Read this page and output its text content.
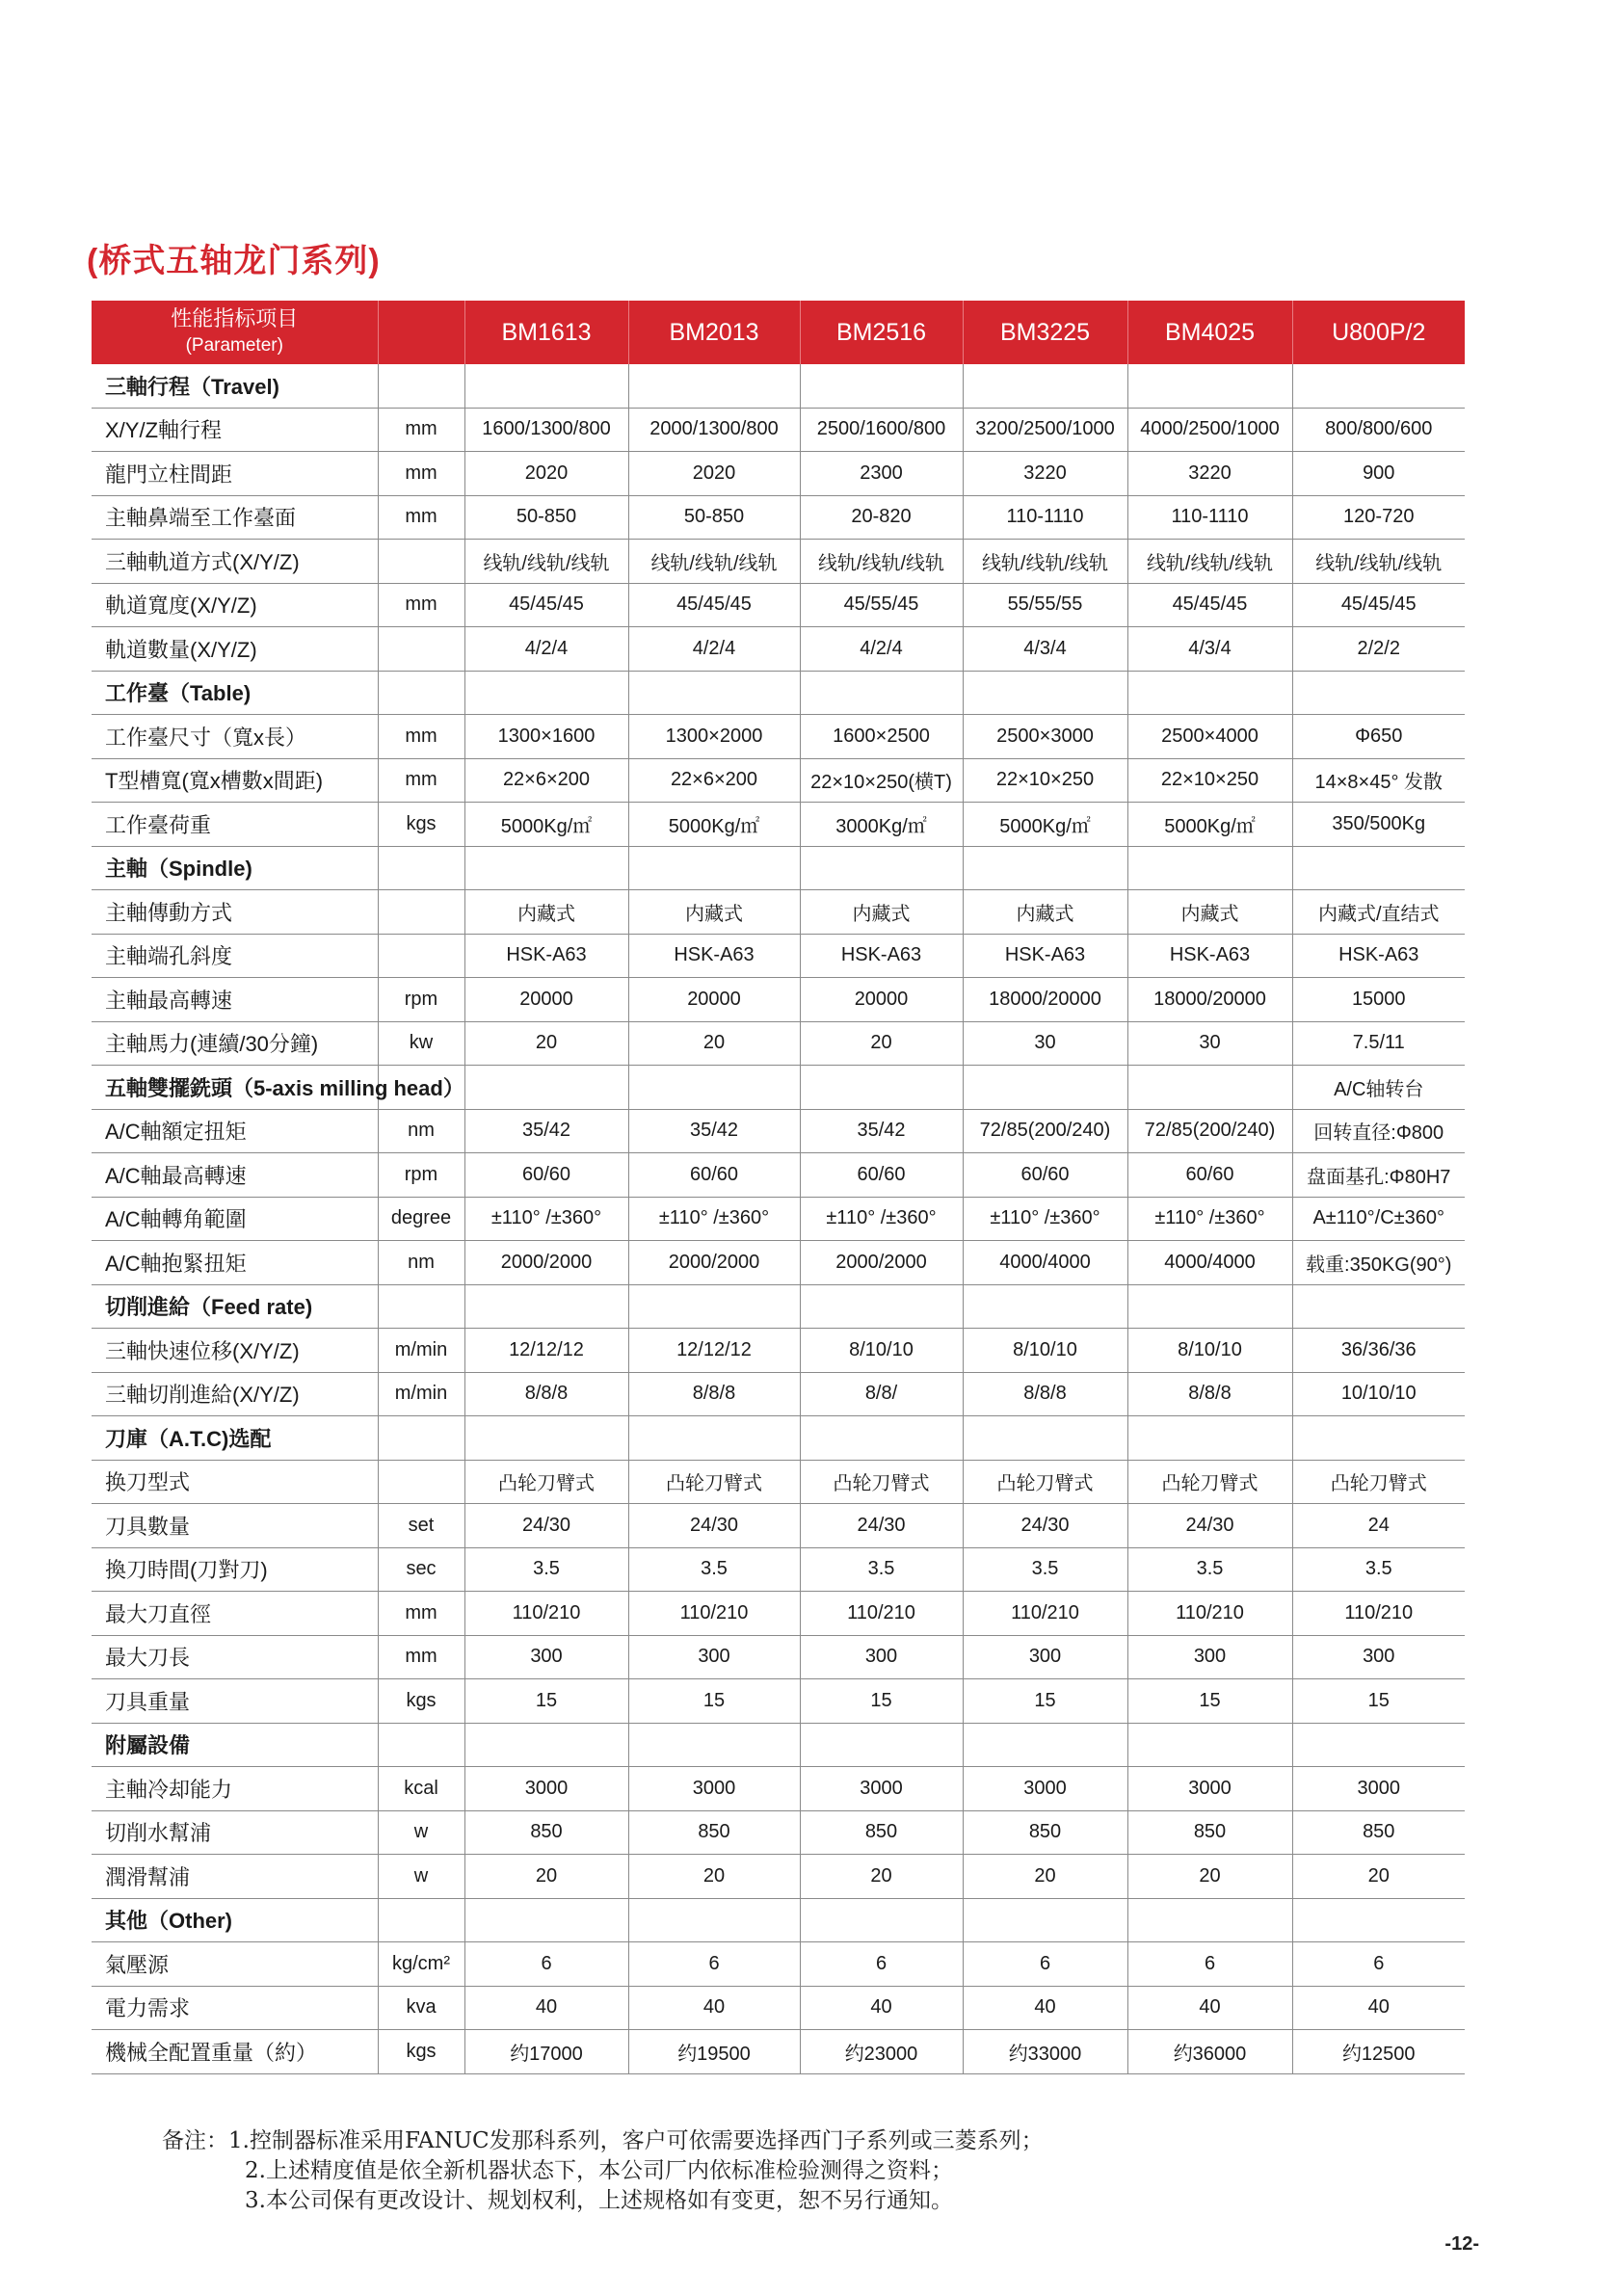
(桥式五轴龙门系列)
性能指标项目
(Parameter)		BM1613	BM2013	BM2516	BM3225	BM4025	U800P/2
三軸行程（Travel)							
X/Y/Z軸行程	mm	1600/1300/800	2000/1300/800	2500/1600/800	3200/2500/1000	4000/2500/1000	800/800/600
龍門立柱間距	mm	2020	2020	2300	3220	3220	900
主軸鼻端至工作臺面	mm	50-850	50-850	20-820	110-1110	110-1110	120-720
三軸軌道方式(X/Y/Z)		线轨/线轨/线轨	线轨/线轨/线轨	线轨/线轨/线轨	线轨/线轨/线轨	线轨/线轨/线轨	线轨/线轨/线轨
軌道寬度(X/Y/Z)	mm	45/45/45	45/45/45	45/55/45	55/55/55	45/45/45	45/45/45
軌道數量(X/Y/Z)		4/2/4	4/2/4	4/2/4	4/3/4	4/3/4	2/2/2
工作臺（Table)							
工作臺尺寸（寬x長）	mm	1300×1600	1300×2000	1600×2500	2500×3000	2500×4000	Φ650
T型槽寬(寬x槽數x間距)	mm	22×6×200	22×6×200	22×10×250(横T)	22×10×250	22×10×250	14×8×45° 发散
工作臺荷重	kgs	5000Kg/㎡	5000Kg/㎡	3000Kg/㎡	5000Kg/㎡	5000Kg/㎡	350/500Kg
主軸（Spindle)							
主軸傳動方式		内藏式	内藏式	内藏式	内藏式	内藏式	内藏式/直结式
主軸端孔斜度		HSK-A63	HSK-A63	HSK-A63	HSK-A63	HSK-A63	HSK-A63
主軸最高轉速	rpm	20000	20000	20000	18000/20000	18000/20000	15000
主軸馬力(連續/30分鐘)	kw	20	20	20	30	30	7.5/11
五軸雙擺銑頭（5-axis milling head）							A/C轴转台
A/C軸額定扭矩	nm	35/42	35/42	35/42	72/85(200/240)	72/85(200/240)	回转直径:Φ800
A/C軸最高轉速	rpm	60/60	60/60	60/60	60/60	60/60	盘面基孔:Φ80H7
A/C軸轉角範圍	degree	±110° /±360°	±110° /±360°	±110° /±360°	±110° /±360°	±110° /±360°	A±110°/C±360°
A/C軸抱緊扭矩	nm	2000/2000	2000/2000	2000/2000	4000/4000	4000/4000	载重:350KG(90°)
切削進給（Feed rate)							
三軸快速位移(X/Y/Z)	m/min	12/12/12	12/12/12	8/10/10	8/10/10	8/10/10	36/36/36
三軸切削進給(X/Y/Z)	m/min	8/8/8	8/8/8	8/8/	8/8/8	8/8/8	10/10/10
刀庫（A.T.C)选配							
换刀型式		凸轮刀臂式	凸轮刀臂式	凸轮刀臂式	凸轮刀臂式	凸轮刀臂式	凸轮刀臂式
刀具數量	set	24/30	24/30	24/30	24/30	24/30	24
換刀時間(刀對刀)	sec	3.5	3.5	3.5	3.5	3.5	3.5
最大刀直徑	mm	110/210	110/210	110/210	110/210	110/210	110/210
最大刀長	mm	300	300	300	300	300	300
刀具重量	kgs	15	15	15	15	15	15
附屬設備							
主軸冷却能力	kcal	3000	3000	3000	3000	3000	3000
切削水幫浦	w	850	850	850	850	850	850
潤滑幫浦	w	20	20	20	20	20	20
其他（Other)							
氣壓源	kg/cm²	6	6	6	6	6	6
電力需求	kva	40	40	40	40	40	40
機械全配置重量（約）	kgs	约17000	约19500	约23000	约33000	约36000	约12500
备注：1.控制器标准采用FANUC发那科系列，客户可依需要选择西门子系列或三菱系列；
2.上述精度值是依全新机器状态下，本公司厂内依标准检验测得之资料；
3.本公司保有更改设计、规划权利，上述规格如有变更，恕不另行通知。
-12-
